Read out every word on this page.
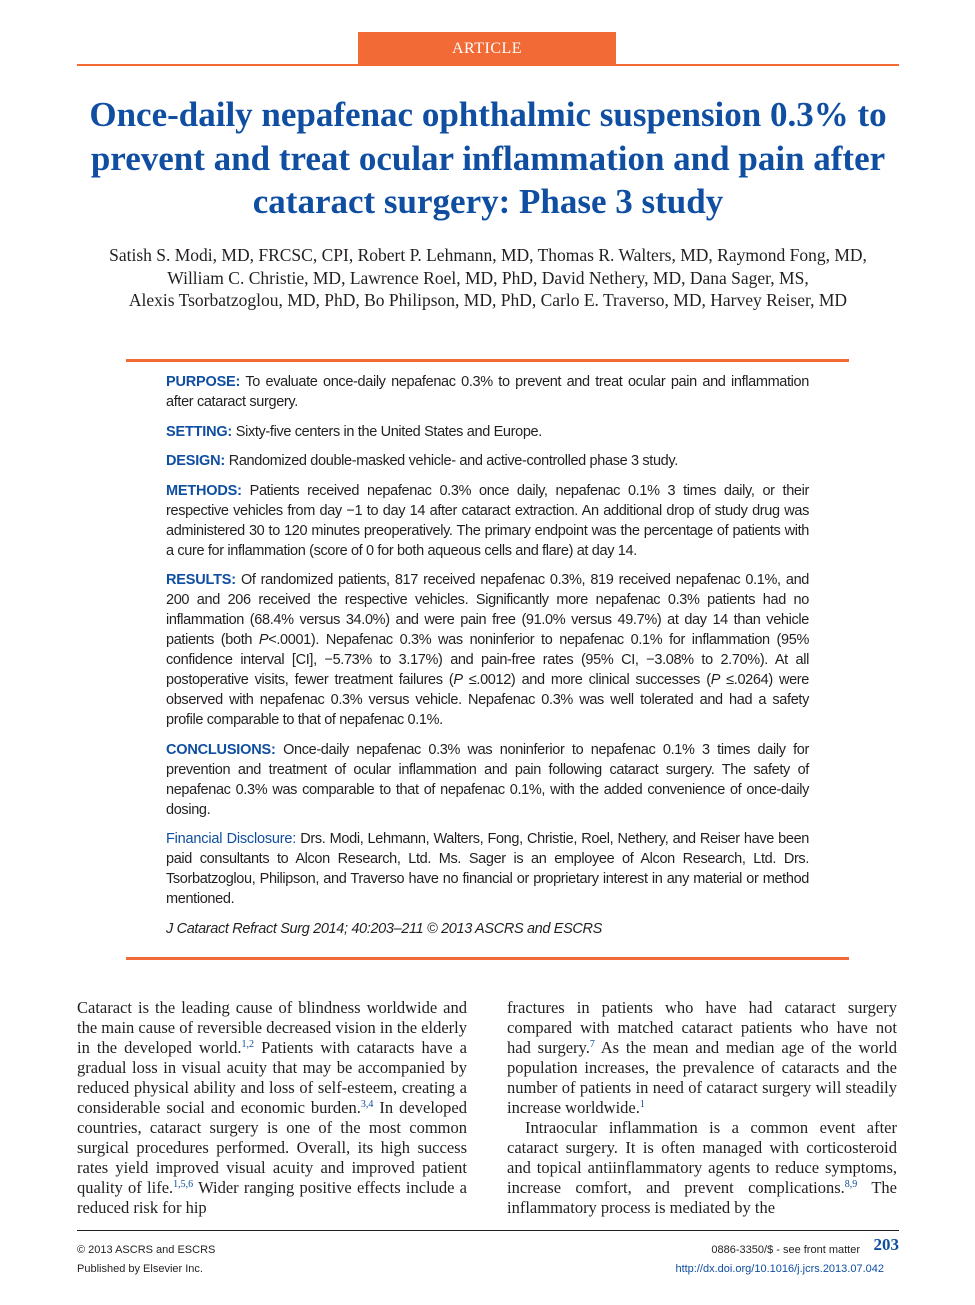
ARTICLE
Once-daily nepafenac ophthalmic suspension 0.3% to prevent and treat ocular inflammation and pain after cataract surgery: Phase 3 study
Satish S. Modi, MD, FRCSC, CPI, Robert P. Lehmann, MD, Thomas R. Walters, MD, Raymond Fong, MD,
William C. Christie, MD, Lawrence Roel, MD, PhD, David Nethery, MD, Dana Sager, MS,
Alexis Tsorbatzoglou, MD, PhD, Bo Philipson, MD, PhD, Carlo E. Traverso, MD, Harvey Reiser, MD

PURPOSE: To evaluate once-daily nepafenac 0.3% to prevent and treat ocular pain and inflammation after cataract surgery.

SETTING: Sixty-five centers in the United States and Europe.

DESIGN: Randomized double-masked vehicle- and active-controlled phase 3 study.

METHODS: Patients received nepafenac 0.3% once daily, nepafenac 0.1% 3 times daily, or their respective vehicles from day −1 to day 14 after cataract extraction. An additional drop of study drug was administered 30 to 120 minutes preoperatively. The primary endpoint was the percentage of patients with a cure for inflammation (score of 0 for both aqueous cells and flare) at day 14.

RESULTS: Of randomized patients, 817 received nepafenac 0.3%, 819 received nepafenac 0.1%, and 200 and 206 received the respective vehicles. Significantly more nepafenac 0.3% patients had no inflammation (68.4% versus 34.0%) and were pain free (91.0% versus 49.7%) at day 14 than vehicle patients (both P<.0001). Nepafenac 0.3% was noninferior to nepafenac 0.1% for inflammation (95% confidence interval [CI], −5.73% to 3.17%) and pain-free rates (95% CI, −3.08% to 2.70%). At all postoperative visits, fewer treatment failures (P ≤.0012) and more clinical successes (P ≤.0264) were observed with nepafenac 0.3% versus vehicle. Nepafenac 0.3% was well tolerated and had a safety profile comparable to that of nepafenac 0.1%.

CONCLUSIONS: Once-daily nepafenac 0.3% was noninferior to nepafenac 0.1% 3 times daily for prevention and treatment of ocular inflammation and pain following cataract surgery. The safety of nepafenac 0.3% was comparable to that of nepafenac 0.1%, with the added convenience of once-daily dosing.

Financial Disclosure: Drs. Modi, Lehmann, Walters, Fong, Christie, Roel, Nethery, and Reiser have been paid consultants to Alcon Research, Ltd. Ms. Sager is an employee of Alcon Research, Ltd. Drs. Tsorbatzoglou, Philipson, and Traverso have no financial or proprietary interest in any material or method mentioned.

J Cataract Refract Surg 2014; 40:203–211 © 2013 ASCRS and ESCRS

Cataract is the leading cause of blindness worldwide and the main cause of reversible decreased vision in the elderly in the developed world.$^{1,2}$ Patients with cataracts have a gradual loss in visual acuity that may be accompanied by reduced physical ability and loss of self-esteem, creating a considerable social and economic burden.$^{3,4}$ In developed countries, cataract surgery is one of the most common surgical procedures performed. Overall, its high success rates yield improved visual acuity and improved patient quality of life.$^{1,5,6}$ Wider ranging positive effects include a reduced risk for hip

fractures in patients who have had cataract surgery compared with matched cataract patients who have not had surgery.$^7$ As the mean and median age of the world population increases, the prevalence of cataracts and the number of patients in need of cataract surgery will steadily increase worldwide.$^1$

Intraocular inflammation is a common event after cataract surgery. It is often managed with corticosteroid and topical antiinflammatory agents to reduce symptoms, increase comfort, and prevent complications.$^{8,9}$ The inflammatory process is mediated by the

© 2013 ASCRS and ESCRS
Published by Elsevier Inc.
0886-3350/$ - see front matter 203
http://dx.doi.org/10.1016/j.jcrs.2013.07.042
